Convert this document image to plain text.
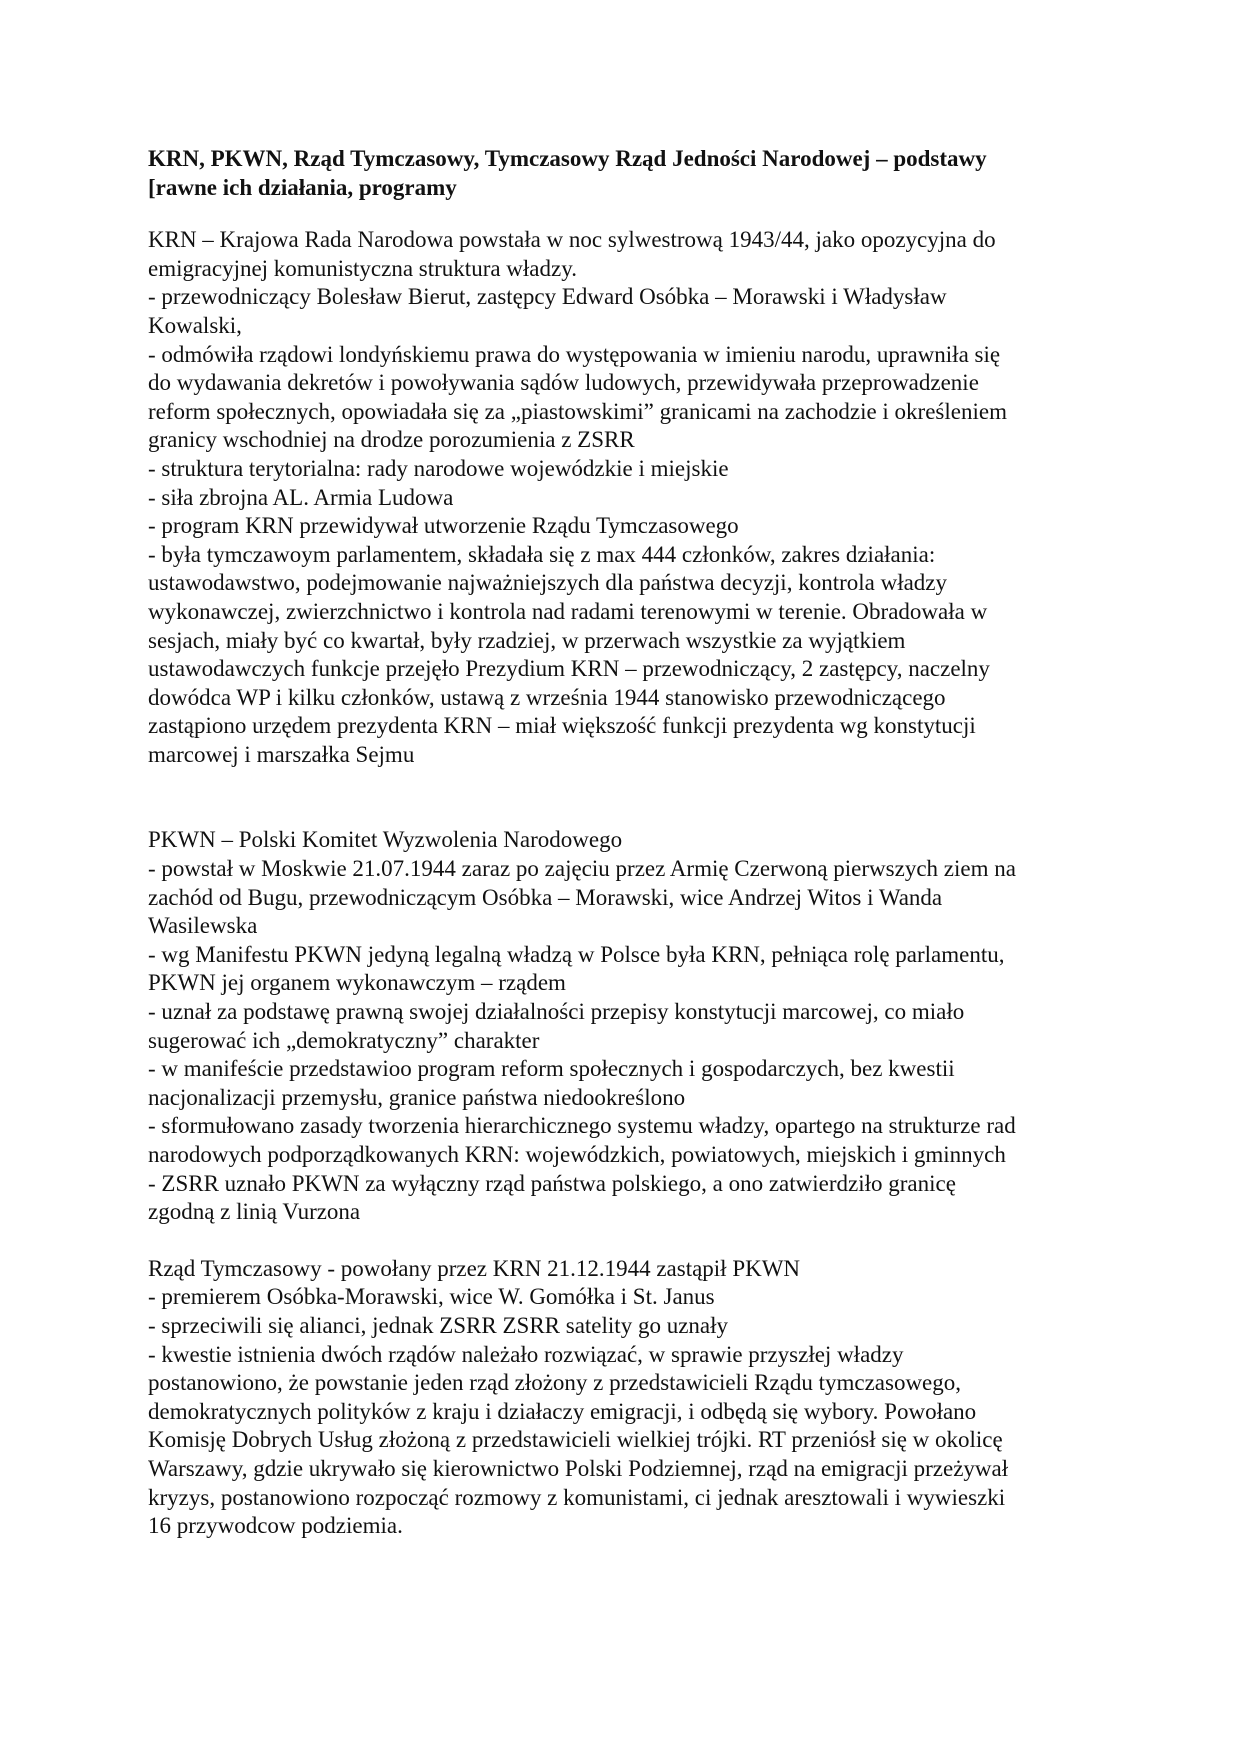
KRN, PKWN, Rząd Tymczasowy, Tymczasowy Rząd Jedności Narodowej – podstawy
[rawne ich działania, programy
KRN – Krajowa Rada Narodowa powstała w noc sylwestrową 1943/44, jako opozycyjna do
emigracyjnej komunistyczna struktura władzy.
- przewodniczący Bolesław Bierut, zastępcy Edward Osóbka – Morawski i Władysław
Kowalski,
- odmówiła rządowi londyńskiemu prawa do występowania w imieniu narodu, uprawniła się
do wydawania dekretów i powoływania sądów ludowych, przewidywała przeprowadzenie
reform społecznych, opowiadała się za „piastowskimi” granicami na zachodzie i określeniem
granicy wschodniej na drodze porozumienia z ZSRR
- struktura terytorialna: rady narodowe wojewódzkie i miejskie
- siła zbrojna AL. Armia Ludowa
- program KRN przewidywał utworzenie Rządu Tymczasowego
- była tymczawoym parlamentem, składała się z max 444 członków, zakres działania:
ustawodawstwo, podejmowanie najważniejszych dla państwa decyzji, kontrola władzy
wykonawczej, zwierzchnictwo i kontrola nad radami terenowymi w terenie. Obradowała w
sesjach, miały być co kwartał, były rzadziej, w przerwach wszystkie za wyjątkiem
ustawodawczych funkcje przejęło Prezydium KRN – przewodniczący, 2 zastępcy, naczelny
dowódca WP i kilku członków, ustawą z września 1944 stanowisko przewodniczącego
zastąpiono urzędem prezydenta KRN – miał większość funkcji prezydenta wg konstytucji
marcowej i marszałka Sejmu
PKWN – Polski Komitet Wyzwolenia Narodowego
- powstał w Moskwie 21.07.1944 zaraz po zajęciu przez Armię Czerwoną pierwszych ziem na
zachód od Bugu, przewodniczącym Osóbka – Morawski, wice Andrzej Witos i Wanda
Wasilewska
- wg Manifestu PKWN jedyną legalną władzą w Polsce była KRN, pełniąca rolę parlamentu,
PKWN jej organem wykonawczym – rządem
- uznał za podstawę prawną swojej działalności przepisy konstytucji marcowej, co miało
sugerować ich „demokratyczny” charakter
- w manifeście przedstawioo program reform społecznych i gospodarczych, bez kwestii
nacjonalizacji przemysłu, granice państwa niedookreślono
- sformułowano zasady tworzenia hierarchicznego systemu władzy, opartego na strukturze rad
narodowych podporządkowanych KRN: wojewódzkich, powiatowych, miejskich i gminnych
- ZSRR uznało PKWN za wyłączny rząd państwa polskiego, a ono zatwierdziło granicę
zgodną z linią Vurzona
Rząd Tymczasowy - powołany przez KRN 21.12.1944 zastąpił PKWN
- premierem Osóbka-Morawski, wice W. Gomółka i St. Janus
- sprzeciwili się alianci, jednak ZSRR ZSRR satelity go uznały
- kwestie istnienia dwóch rządów należało rozwiązać, w sprawie przyszłej władzy
postanowiono, że powstanie jeden rząd złożony z przedstawicieli Rządu tymczasowego,
demokratycznych polityków z kraju i działaczy emigracji, i odbędą się wybory. Powołano
Komisję Dobrych Usług złożoną z przedstawicieli wielkiej trójki. RT przeniósł się w okolicę
Warszawy, gdzie ukrywało się kierownictwo Polski Podziemnej, rząd na emigracji przeżywał
kryzys, postanowiono rozpocząć rozmowy z komunistami, ci jednak aresztowali i wywieszki
16 przywodcow podziemia.
